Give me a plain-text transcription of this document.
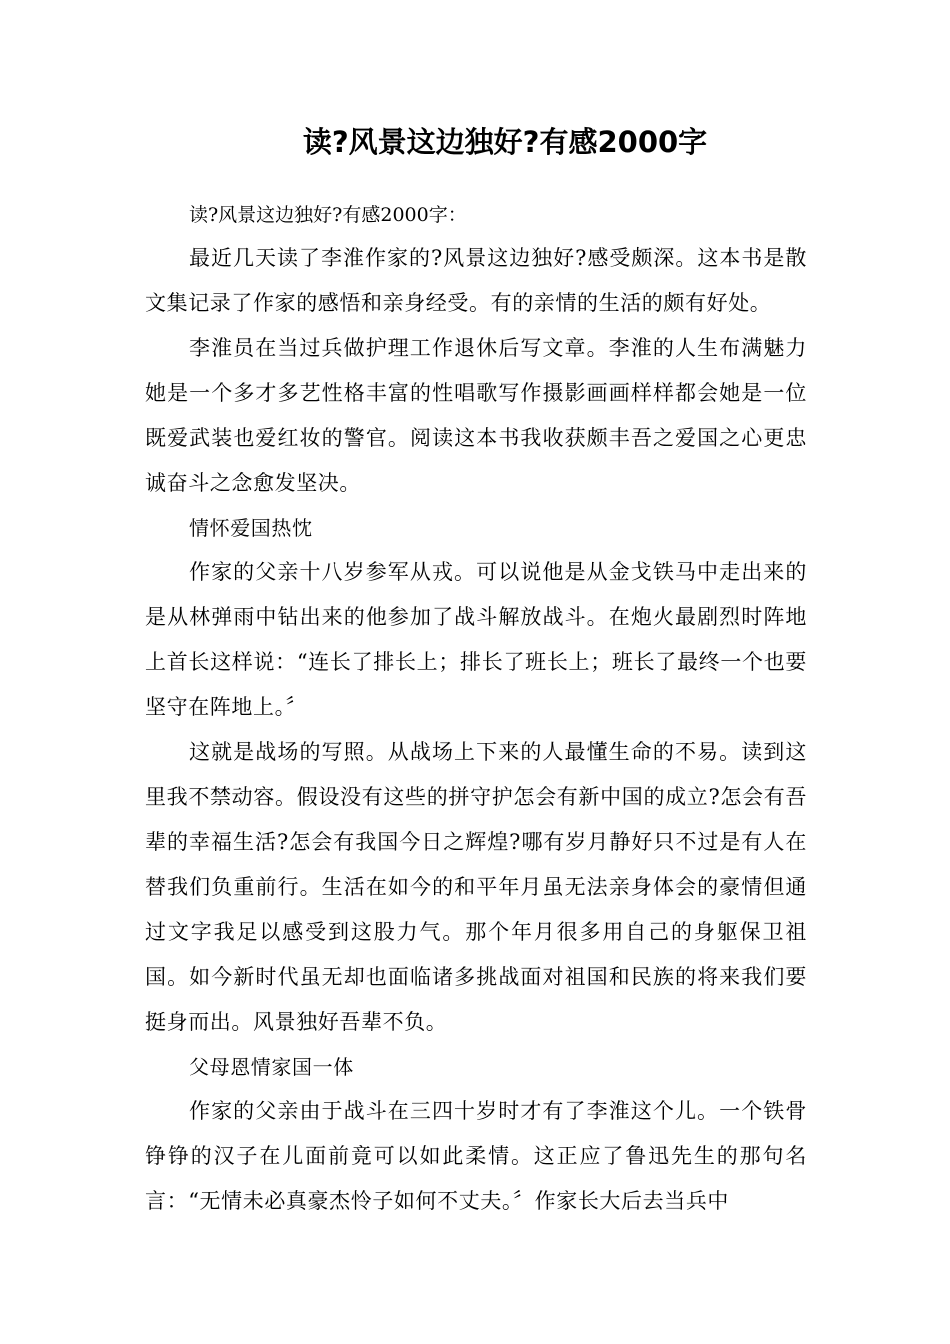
读?风景这边独好?有感2000字

读?风景这边独好?有感2000字：

最近几天读了李淮作家的?风景这边独好?感受颇深。这本书是散文集记录了作家的感悟和亲身经受。有的亲情的生活的颇有好处。

李淮员在当过兵做护理工作退休后写文章。李淮的人生布满魅力她是一个多才多艺性格丰富的性唱歌写作摄影画画样样都会她是一位既爱武装也爱红妆的警官。阅读这本书我收获颇丰吾之爱国之心更忠诚奋斗之念愈发坚决。

情怀爱国热忱

作家的父亲十八岁参军从戎。可以说他是从金戈铁马中走出来的是从林弹雨中钻出来的他参加了战斗解放战斗。在炮火最剧烈时阵地上首长这样说：“连长了排长上；排长了班长上；班长了最终一个也要坚守在阵地上。〞

这就是战场的写照。从战场上下来的人最懂生命的不易。读到这里我不禁动容。假设没有这些的拼守护怎会有新中国的成立?怎会有吾辈的幸福生活?怎会有我国今日之辉煌?哪有岁月静好只不过是有人在替我们负重前行。生活在如今的和平年月虽无法亲身体会的豪情但通过文字我足以感受到这股力气。那个年月很多用自己的身躯保卫祖国。如今新时代虽无却也面临诸多挑战面对祖国和民族的将来我们要挺身而出。风景独好吾辈不负。

父母恩情家国一体

作家的父亲由于战斗在三四十岁时才有了李淮这个儿。一个铁骨铮铮的汉子在儿面前竟可以如此柔情。这正应了鲁迅先生的那句名言：“无情未必真豪杰怜子如何不丈夫。〞作家长大后去当兵中
